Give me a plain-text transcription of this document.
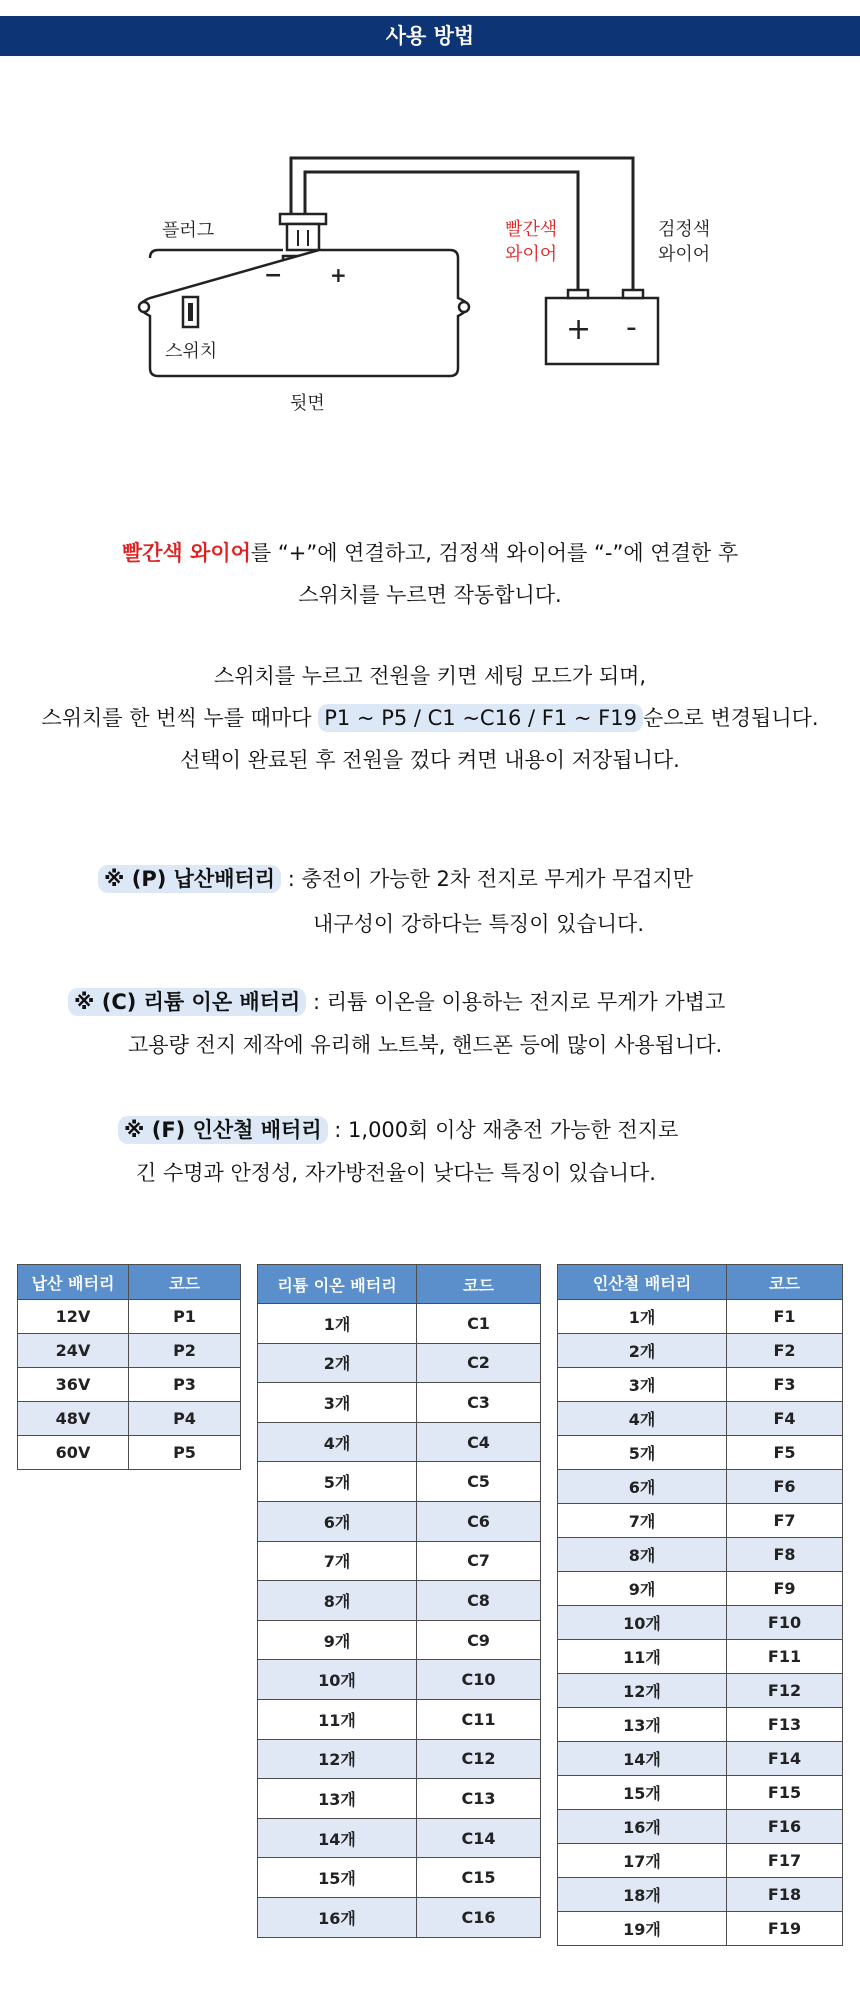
사용 방법
− +
+ -
플러그
스위치
뒷면
빨간색
와이어
검정색
와이어
빨간색 와이어를 “+”에 연결하고, 검정색 와이어를 “-”에 연결한 후
스위치를 누르면 작동합니다.
스위치를 누르고 전원을 키면 세팅 모드가 되며,
스위치를 한 번씩 누를 때마다 P1 ~ P5 / C1 ~C16 / F1 ~ F19 순으로 변경됩니다.
선택이 완료된 후 전원을 껐다 켜면 내용이 저장됩니다.
※ (P) 납산배터리 : 충전이 가능한 2차 전지로 무게가 무겁지만
내구성이 강하다는 특징이 있습니다.
※ (C) 리튬 이온 배터리 : 리튬 이온을 이용하는 전지로 무게가 가볍고
고용량 전지 제작에 유리해 노트북, 핸드폰 등에 많이 사용됩니다.
※ (F) 인산철 배터리 : 1,000회 이상 재충전 가능한 전지로
긴 수명과 안정성, 자가방전율이 낮다는 특징이 있습니다.
납산 배터리	코드
12V	P1
24V	P2
36V	P3
48V	P4
60V	P5
리튬 이온 배터리	코드
1개	C1
2개	C2
3개	C3
4개	C4
5개	C5
6개	C6
7개	C7
8개	C8
9개	C9
10개	C10
11개	C11
12개	C12
13개	C13
14개	C14
15개	C15
16개	C16
인산철 배터리	코드
1개	F1
2개	F2
3개	F3
4개	F4
5개	F5
6개	F6
7개	F7
8개	F8
9개	F9
10개	F10
11개	F11
12개	F12
13개	F13
14개	F14
15개	F15
16개	F16
17개	F17
18개	F18
19개	F19
